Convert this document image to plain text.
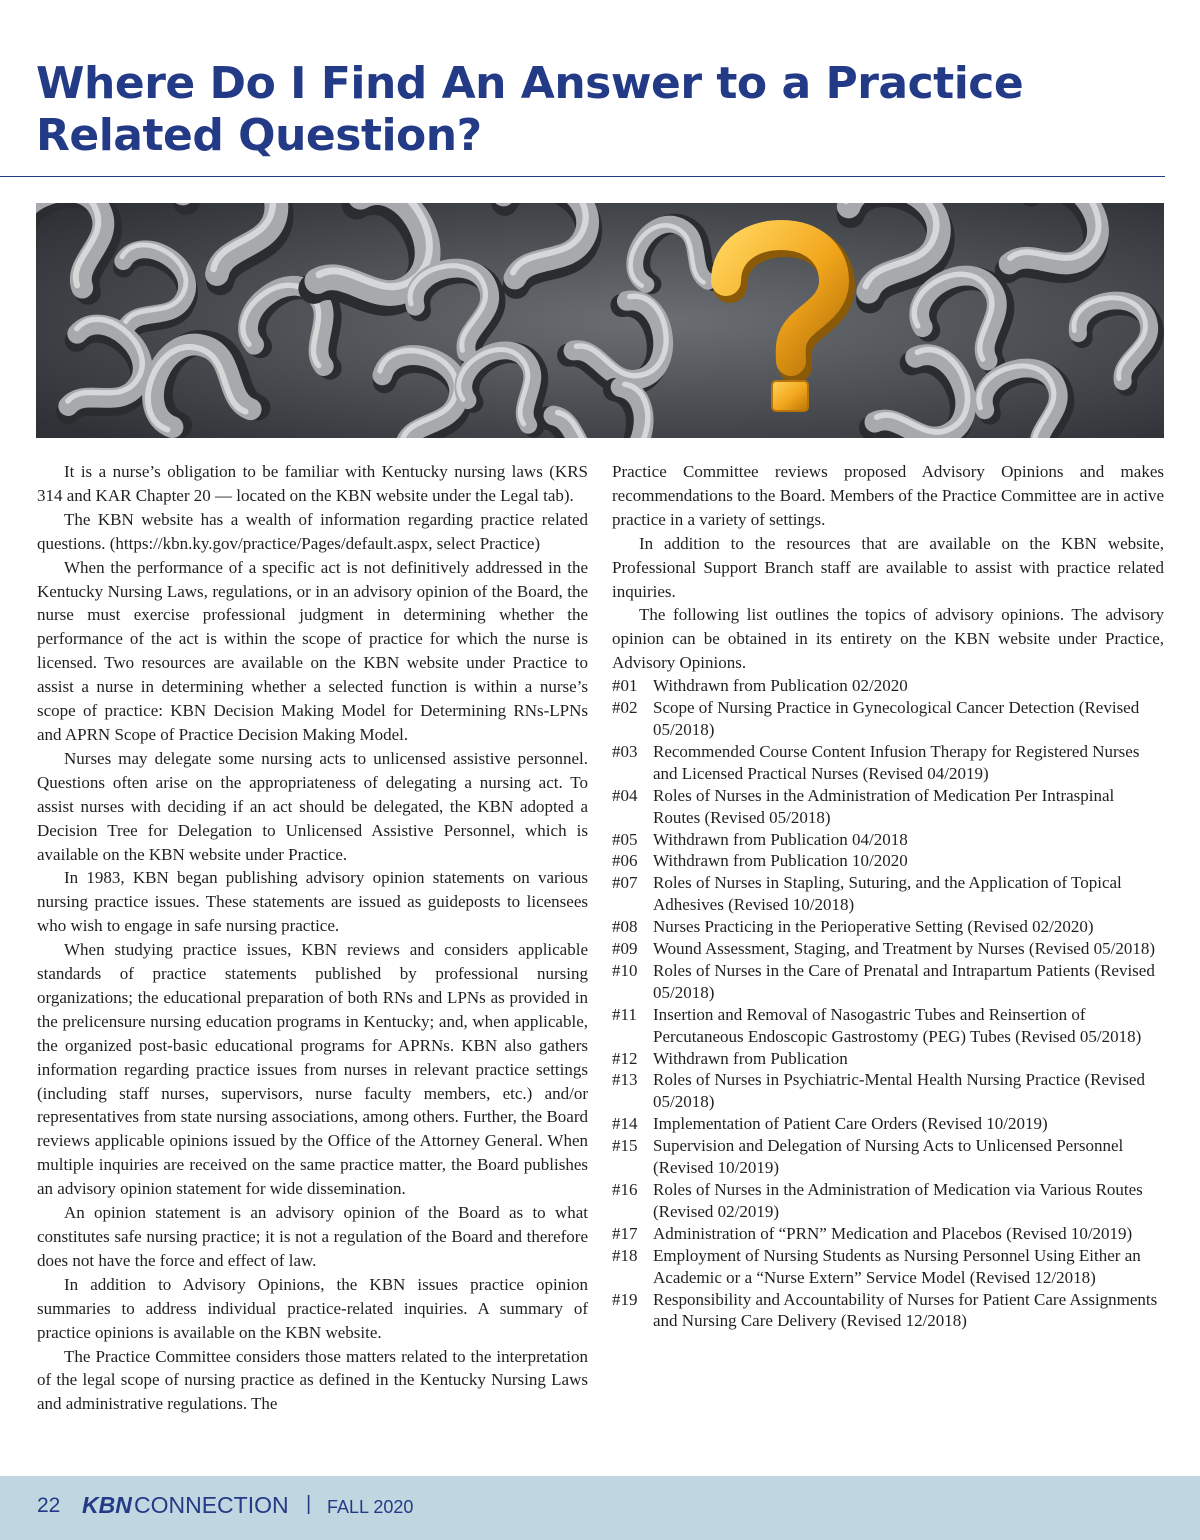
Where Do I Find An Answer to a Practice Related Question?

It is a nurse’s obligation to be familiar with Kentucky nursing laws (KRS 314 and KAR Chapter 20 — located on the KBN website under the Legal tab).

The KBN website has a wealth of information regarding practice related questions. (https://kbn.ky.gov/practice/Pages/default.aspx, select Practice)

When the performance of a specific act is not definitively addressed in the Kentucky Nursing Laws, regulations, or in an advisory opinion of the Board, the nurse must exercise professional judgment in determining whether the performance of the act is within the scope of practice for which the nurse is licensed. Two resources are available on the KBN website under Practice to assist a nurse in determining whether a selected function is within a nurse’s scope of practice: KBN Decision Making Model for Determining RNs-LPNs and APRN Scope of Practice Decision Making Model.

Nurses may delegate some nursing acts to unlicensed assistive personnel. Questions often arise on the appropriateness of delegating a nursing act. To assist nurses with deciding if an act should be delegated, the KBN adopted a Decision Tree for Delegation to Unlicensed Assistive Personnel, which is available on the KBN website under Practice.

In 1983, KBN began publishing advisory opinion statements on various nursing practice issues. These statements are issued as guideposts to licensees who wish to engage in safe nursing practice.

When studying practice issues, KBN reviews and considers applicable standards of practice statements published by professional nursing organizations; the educational preparation of both RNs and LPNs as provided in the prelicensure nursing education programs in Kentucky; and, when applicable, the organized post-basic educational programs for APRNs. KBN also gathers information regarding practice issues from nurses in relevant practice settings (including staff nurses, supervisors, nurse faculty members, etc.) and/or representatives from state nursing associations, among others. Further, the Board reviews applicable opinions issued by the Office of the Attorney General. When multiple inquiries are received on the same practice matter, the Board publishes an advisory opinion statement for wide dissemination.

An opinion statement is an advisory opinion of the Board as to what constitutes safe nursing practice; it is not a regulation of the Board and therefore does not have the force and effect of law.

In addition to Advisory Opinions, the KBN issues practice opinion summaries to address individual practice-related inquiries. A summary of practice opinions is available on the KBN website.

The Practice Committee considers those matters related to the interpretation of the legal scope of nursing practice as defined in the Kentucky Nursing Laws and administrative regulations. The

Practice Committee reviews proposed Advisory Opinions and makes recommendations to the Board. Members of the Practice Committee are in active practice in a variety of settings.

In addition to the resources that are available on the KBN website, Professional Support Branch staff are available to assist with practice related inquiries.

The following list outlines the topics of advisory opinions. The advisory opinion can be obtained in its entirety on the KBN website under Practice, Advisory Opinions.

#01 Withdrawn from Publication 02/2020
#02 Scope of Nursing Practice in Gynecological Cancer Detection (Revised 05/2018)
#03 Recommended Course Content Infusion Therapy for Registered Nurses and Licensed Practical Nurses (Revised 04/2019)
#04 Roles of Nurses in the Administration of Medication Per Intraspinal Routes (Revised 05/2018)
#05 Withdrawn from Publication 04/2018
#06 Withdrawn from Publication 10/2020
#07 Roles of Nurses in Stapling, Suturing, and the Application of Topical Adhesives (Revised 10/2018)
#08 Nurses Practicing in the Perioperative Setting (Revised 02/2020)
#09 Wound Assessment, Staging, and Treatment by Nurses (Revised 05/2018)
#10 Roles of Nurses in the Care of Prenatal and Intrapartum Patients (Revised 05/2018)
#11 Insertion and Removal of Nasogastric Tubes and Reinsertion of Percutaneous Endoscopic Gastrostomy (PEG) Tubes (Revised 05/2018)
#12 Withdrawn from Publication
#13 Roles of Nurses in Psychiatric-Mental Health Nursing Practice (Revised 05/2018)
#14 Implementation of Patient Care Orders (Revised 10/2019)
#15 Supervision and Delegation of Nursing Acts to Unlicensed Personnel (Revised 10/2019)
#16 Roles of Nurses in the Administration of Medication via Various Routes (Revised 02/2019)
#17 Administration of “PRN” Medication and Placebos (Revised 10/2019)
#18 Employment of Nursing Students as Nursing Personnel Using Either an Academic or a “Nurse Extern” Service Model (Revised 12/2018)
#19 Responsibility and Accountability of Nurses for Patient Care Assignments and Nursing Care Delivery (Revised 12/2018)
22 KBN CONNECTION | FALL 2020
